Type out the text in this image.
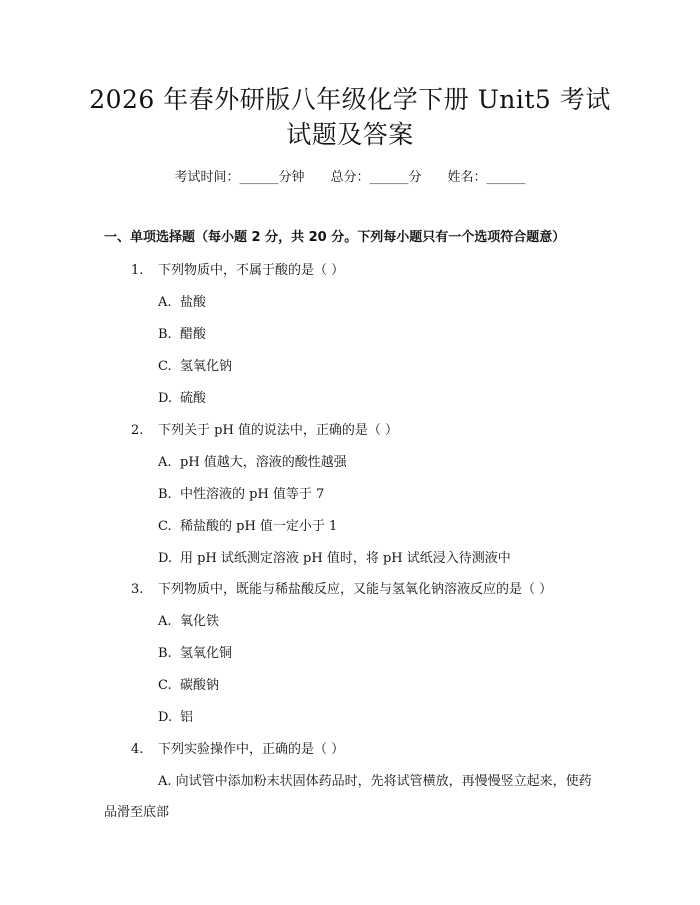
2026 年春外研版八年级化学下册 Unit5 考试
试题及答案
考试时间：______分钟 总分：______分 姓名：______
一、单项选择题（每小题 2 分，共 20 分。下列每小题只有一个选项符合题意）
1. 下列物质中，不属于酸的是（ ）
A. 盐酸
B. 醋酸
C. 氢氧化钠
D. 硫酸
2. 下列关于 pH 值的说法中，正确的是（ ）
A. pH 值越大，溶液的酸性越强
B. 中性溶液的 pH 值等于 7
C. 稀盐酸的 pH 值一定小于 1
D. 用 pH 试纸测定溶液 pH 值时，将 pH 试纸浸入待测液中
3. 下列物质中，既能与稀盐酸反应，又能与氢氧化钠溶液反应的是（ ）
A. 氧化铁
B. 氢氧化铜
C. 碳酸钠
D. 铝
4. 下列实验操作中，正确的是（ ）
A. 向试管中添加粉末状固体药品时，先将试管横放，再慢慢竖立起来，使药品滑至底部
